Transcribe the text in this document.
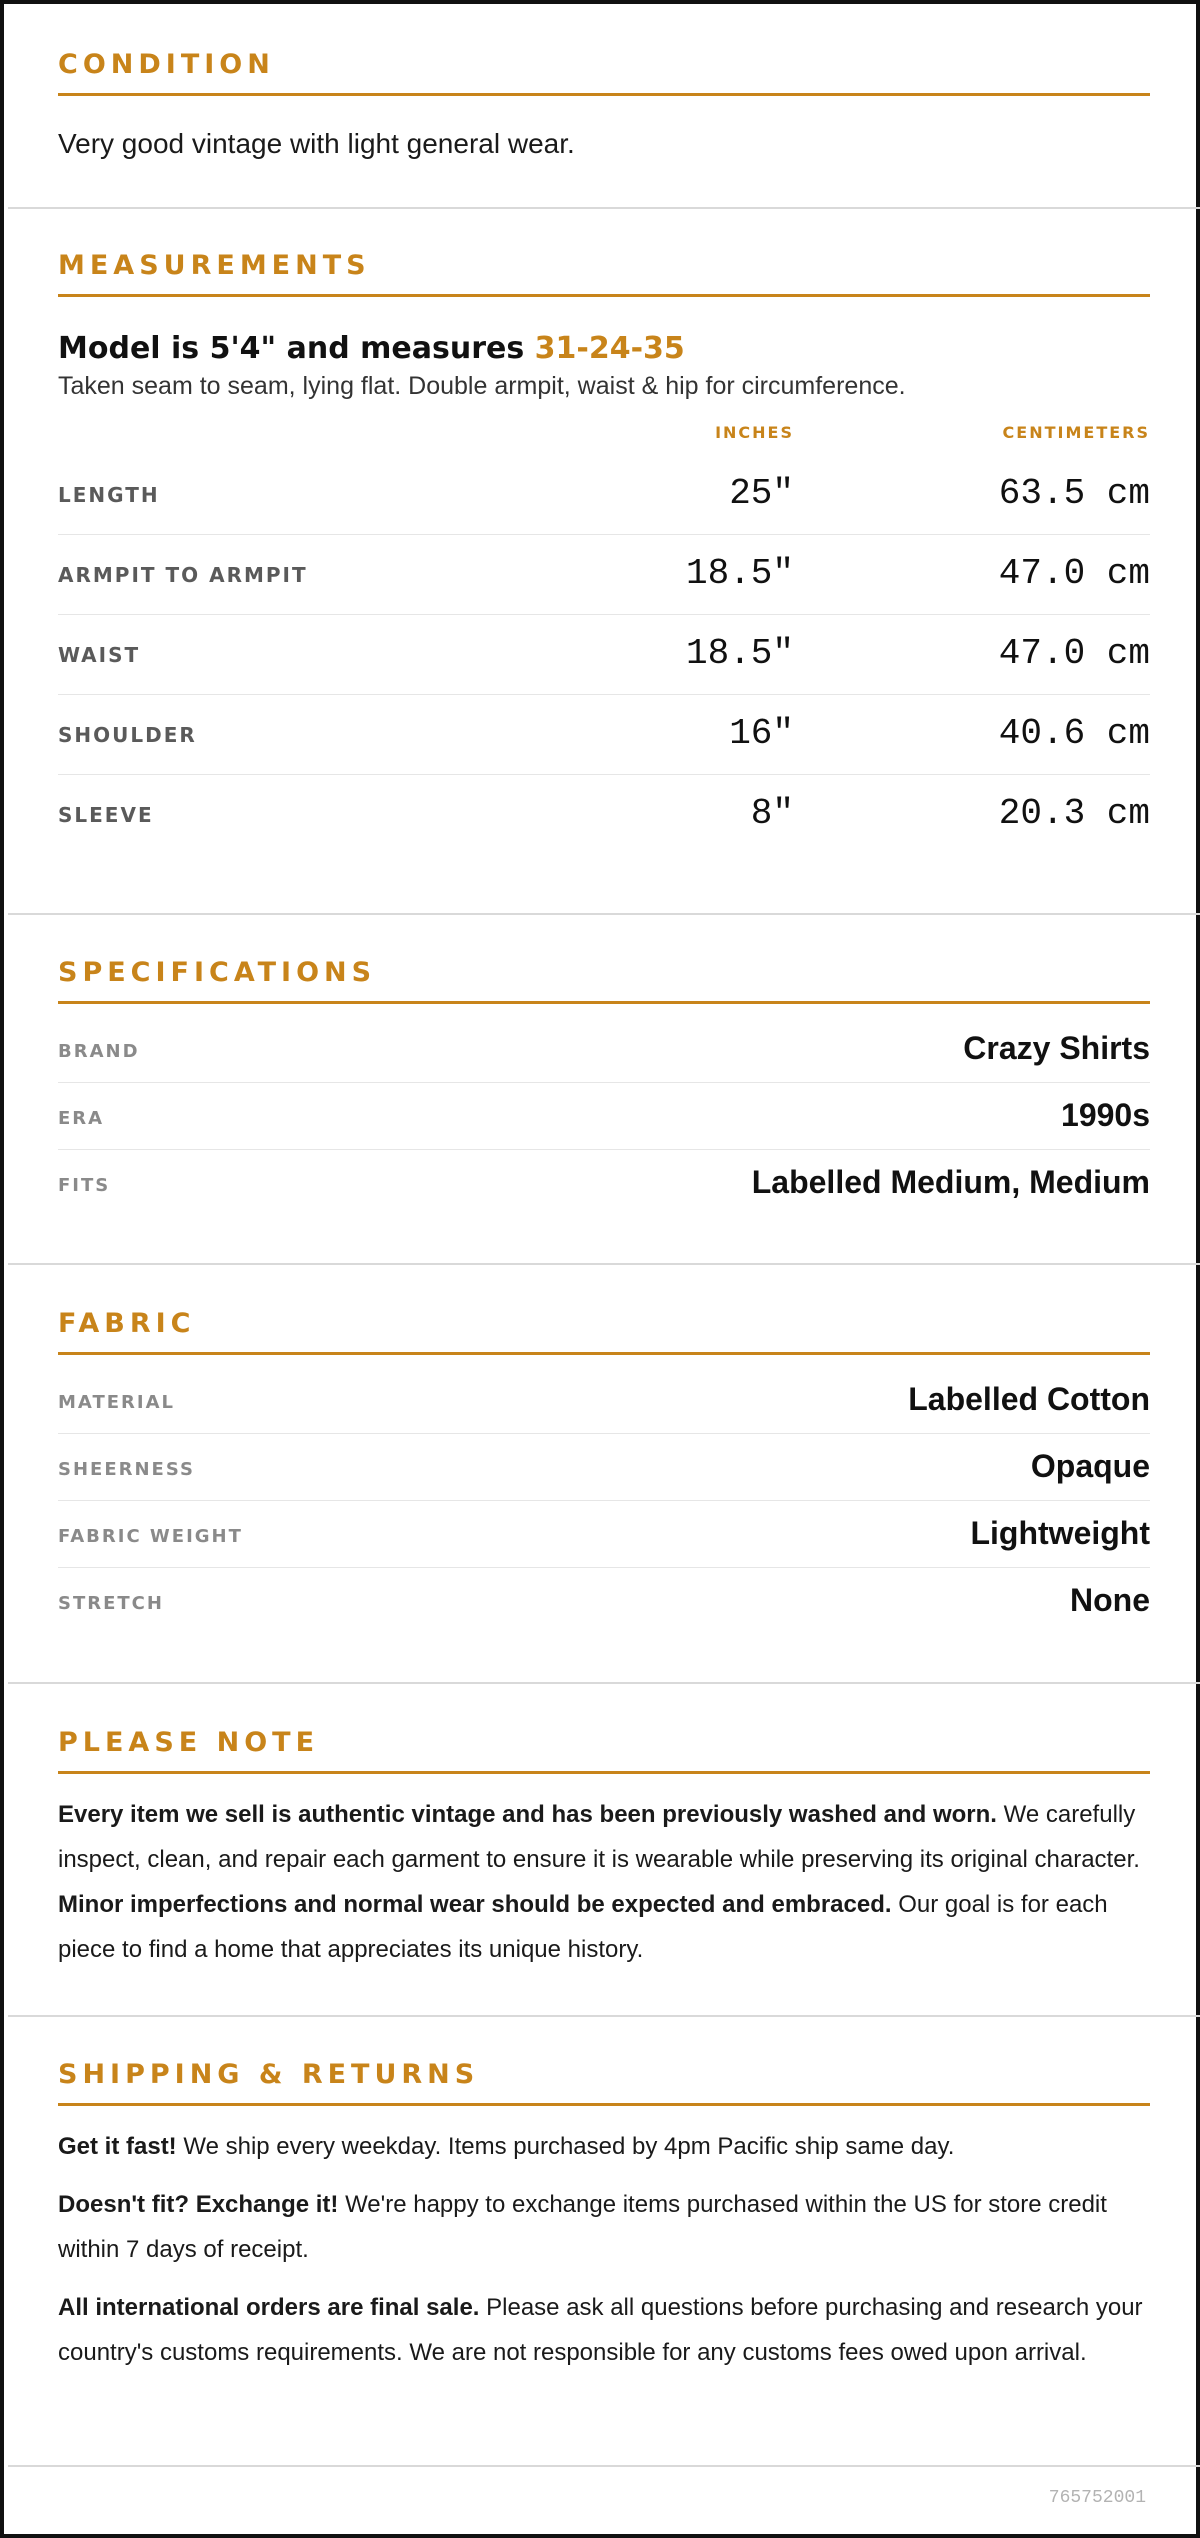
CONDITION

Very good vintage with light general wear.

MEASUREMENTS
Model is 5'4" and measures 31-24-35

Taken seam to seam, lying flat. Double armpit, waist & hip for circumference.

INCHES	CENTIMETERS
LENGTH	25"	63.5 cm
ARMPIT TO ARMPIT	18.5"	47.0 cm
WAIST	18.5"	47.0 cm
SHOULDER	16"	40.6 cm
SLEEVE	8"	20.3 cm
SPECIFICATIONS
BRAND	Crazy Shirts
ERA	1990s
FITS	Labelled Medium, Medium
FABRIC
MATERIAL	Labelled Cotton
SHEERNESS	Opaque
FABRIC WEIGHT	Lightweight
STRETCH	None
PLEASE NOTE

Every item we sell is authentic vintage and has been previously washed and worn. We carefully inspect, clean, and repair each garment to ensure it is wearable while preserving its original character. Minor imperfections and normal wear should be expected and embraced. Our goal is for each piece to find a home that appreciates its unique history.

SHIPPING & RETURNS

Get it fast! We ship every weekday. Items purchased by 4pm Pacific ship same day.

Doesn't fit? Exchange it! We're happy to exchange items purchased within the US for store credit within 7 days of receipt.

All international orders are final sale. Please ask all questions before purchasing and research your country's customs requirements. We are not responsible for any customs fees owed upon arrival.

765752001
